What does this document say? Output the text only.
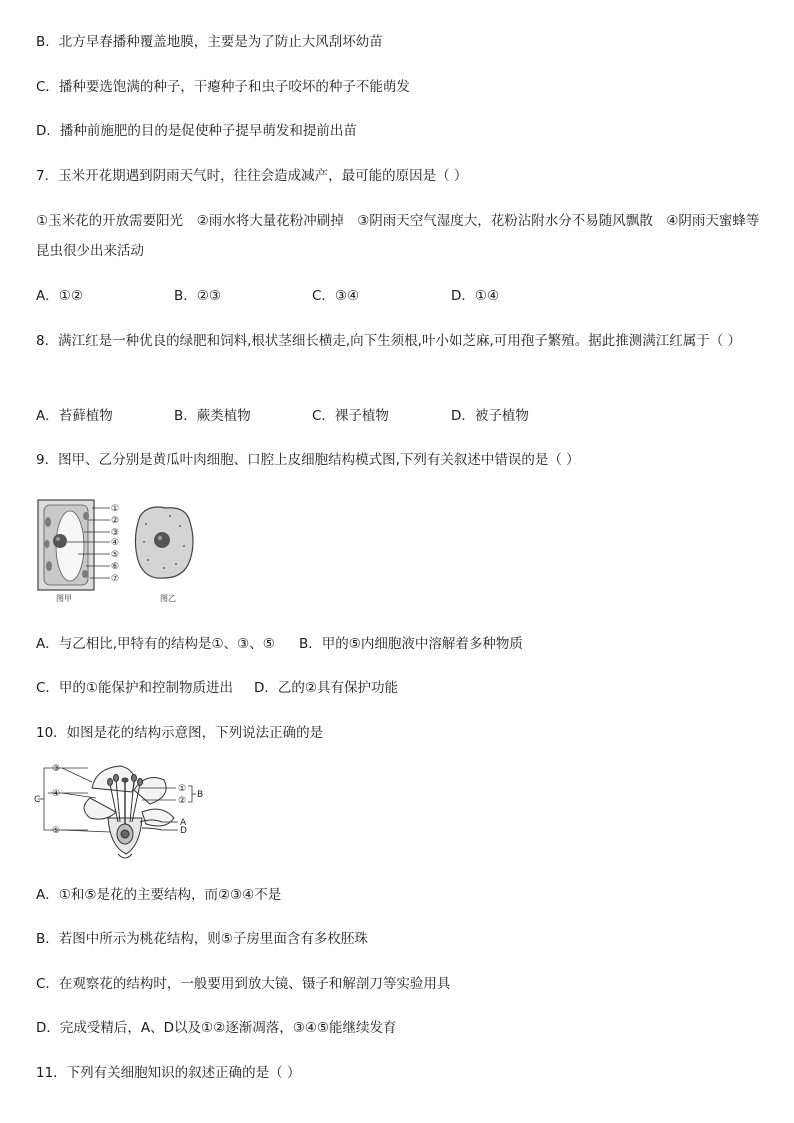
B．北方早春播种覆盖地膜，主要是为了防止大风刮坏幼苗
C．播种要选饱满的种子，干瘪种子和虫子咬坏的种子不能萌发
D．播种前施肥的目的是促使种子提早萌发和提前出苗
7．玉米开花期遇到阴雨天气时，往往会造成减产，最可能的原因是（ ）
①玉米花的开放需要阳光　②雨水将大量花粉冲刷掉　③阴雨天空气湿度大，花粉沾附水分不易随风飘散　④阴雨天蜜蜂等昆虫很少出来活动
A．①②	B．②③	C．③④	D．①④
8．满江红是一种优良的绿肥和饲料,根状茎细长横走,向下生须根,叶小如芝麻,可用孢子繁殖。据此推测满江红属于（ ）
A．苔藓植物	B．蕨类植物	C．裸子植物	D．被子植物
9．图甲、乙分别是黄瓜叶肉细胞、口腔上皮细胞结构模式图,下列有关叙述中错误的是（ ）
①
②
③
④
⑤
⑥
⑦
图甲	图乙
A．与乙相比,甲特有的结构是①、③、⑤ B．甲的⑤内细胞液中溶解着多种物质
C．甲的①能保护和控制物质进出 D．乙的②具有保护功能
10．如图是花的结构示意图，下列说法正确的是
C
③
④
⑤
①
②
B
A
D
A．①和⑤是花的主要结构，而②③④不是
B．若图中所示为桃花结构，则⑤子房里面含有多枚胚珠
C．在观察花的结构时，一般要用到放大镜、镊子和解剖刀等实验用具
D．完成受精后，A、D以及①②逐渐凋落，③④⑤能继续发育
11．下列有关细胞知识的叙述正确的是（ ）
